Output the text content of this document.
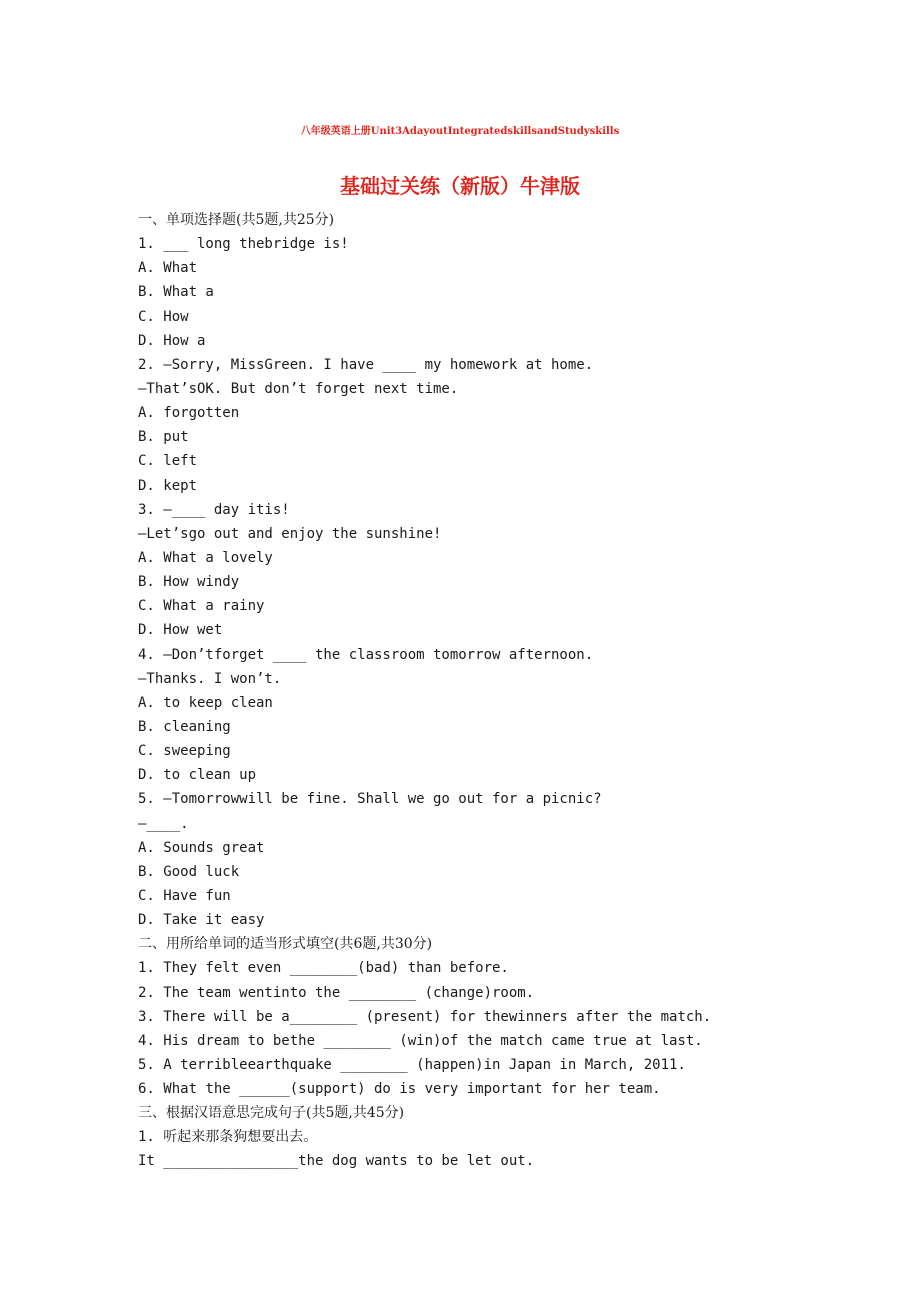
八年级英语上册Unit3AdayoutIntegratedskillsandStudyskills
基础过关练（新版）牛津版
一、单项选择题(共5题,共25分)
1. ___ long thebridge is!
A. What
B. What a
C. How
D. How a
2. —Sorry, MissGreen. I have ____ my homework at home.
—That’sOK. But don’t forget next time.
A. forgotten
B. put
C. left
D. kept
3. —____ day itis!
—Let’sgo out and enjoy the sunshine!
A. What a lovely
B. How windy
C. What a rainy
D. How wet
4. —Don’tforget ____ the classroom tomorrow afternoon.
—Thanks. I won’t.
A. to keep clean
B. cleaning
C. sweeping
D. to clean up
5. —Tomorrowwill be fine. Shall we go out for a picnic?
—____.
A. Sounds great
B. Good luck
C. Have fun
D. Take it easy
二、用所给单词的适当形式填空(共6题,共30分)
1. They felt even ________(bad) than before.
2. The team wentinto the ________ (change)room.
3. There will be a________ (present) for thewinners after the match.
4. His dream to bethe ________ (win)of the match came true at last.
5. A terribleearthquake ________ (happen)in Japan in March, 2011.
6. What the ______(support) do is very important for her team.
三、根据汉语意思完成句子(共5题,共45分)
1. 听起来那条狗想要出去。
It ________________the dog wants to be let out.
